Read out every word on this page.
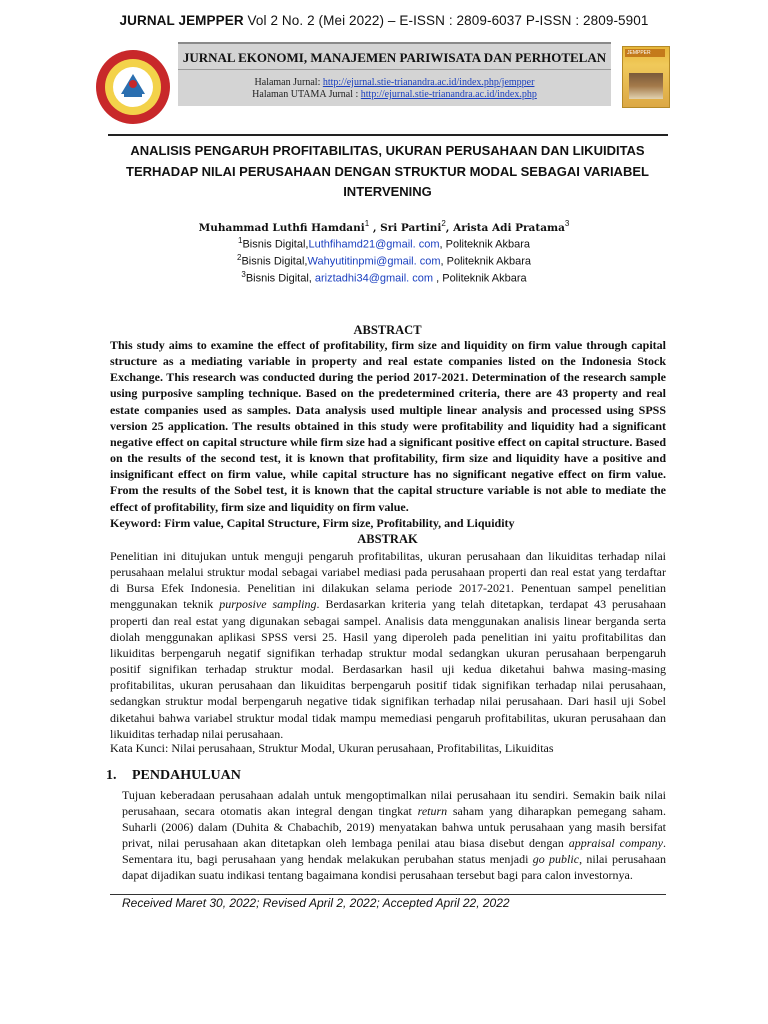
JURNAL JEMPPER Vol 2 No. 2 (Mei 2022) – E-ISSN : 2809-6037 P-ISSN : 2809-5901
JURNAL EKONOMI, MANAJEMEN PARIWISATA DAN PERHOTELAN
Halaman Jurnal: http://ejurnal.stie-trianandra.ac.id/index.php/jempper
Halaman UTAMA Jurnal : http://ejurnal.stie-trianandra.ac.id/index.php
JEMPPER
ANALISIS PENGARUH PROFITABILITAS, UKURAN PERUSAHAAN DAN LIKUIDITAS TERHADAP NILAI PERUSAHAAN DENGAN STRUKTUR MODAL SEBAGAI VARIABEL INTERVENING
Muhammad Luthfi Hamdani$^1$ , Sri Partini$^2$, Arista Adi Pratama$^3$
$^1$Bisnis Digital,Luthfihamd21@gmail. com, Politeknik Akbara
$^2$Bisnis Digital,Wahyutitinpmi@gmail. com, Politeknik Akbara
$^3$Bisnis Digital, ariztadhi34@gmail. com , Politeknik Akbara
ABSTRACT
This study aims to examine the effect of profitability, firm size and liquidity on firm value through capital structure as a mediating variable in property and real estate companies listed on the Indonesia Stock Exchange. This research was conducted during the period 2017-2021. Determination of the research sample using purposive sampling technique. Based on the predetermined criteria, there are 43 property and real estate companies used as samples. Data analysis used multiple linear analysis and processed using SPSS version 25 application. The results obtained in this study were profitability and liquidity had a significant negative effect on capital structure while firm size had a significant positive effect on capital structure. Based on the results of the second test, it is known that profitability, firm size and liquidity have a positive and insignificant effect on firm value, while capital structure has no significant negative effect on firm value. From the results of the Sobel test, it is known that the capital structure variable is not able to mediate the effect of profitability, firm size and liquidity on firm value.
Keyword: Firm value, Capital Structure, Firm size, Profitability, and Liquidity
ABSTRAK
Penelitian ini ditujukan untuk menguji pengaruh profitabilitas, ukuran perusahaan dan likuiditas terhadap nilai perusahaan melalui struktur modal sebagai variabel mediasi pada perusahaan properti dan real estat yang terdaftar di Bursa Efek Indonesia. Penelitian ini dilakukan selama periode 2017-2021. Penentuan sampel penelitian menggunakan teknik purposive sampling. Berdasarkan kriteria yang telah ditetapkan, terdapat 43 perusahaan properti dan real estat yang digunakan sebagai sampel. Analisis data menggunakan analisis linear berganda serta diolah menggunakan aplikasi SPSS versi 25. Hasil yang diperoleh pada penelitian ini yaitu profitabilitas dan likuiditas berpengaruh negatif signifikan terhadap struktur modal sedangkan ukuran perusahaan berpengaruh positif signifikan terhadap struktur modal. Berdasarkan hasil uji kedua diketahui bahwa masing-masing profitabilitas, ukuran perusahaan dan likuiditas berpengaruh positif tidak signifikan terhadap nilai perusahaan, sedangkan struktur modal berpengaruh negative tidak signifikan terhadap nilai perusahaan. Dari hasil uji Sobel diketahui bahwa variabel struktur modal tidak mampu memediasi pengaruh profitabilitas, ukuran perusahaan dan likuiditas terhadap nilai perusahaan.
Kata Kunci: Nilai perusahaan, Struktur Modal, Ukuran perusahaan, Profitabilitas, Likuiditas
1. PENDAHULUAN
Tujuan keberadaan perusahaan adalah untuk mengoptimalkan nilai perusahaan itu sendiri. Semakin baik nilai perusahaan, secara otomatis akan integral dengan tingkat return saham yang diharapkan pemegang saham. Suharli (2006) dalam (Duhita & Chabachib, 2019) menyatakan bahwa untuk perusahaan yang masih bersifat privat, nilai perusahaan akan ditetapkan oleh lembaga penilai atau biasa disebut dengan appraisal company. Sementara itu, bagi perusahaan yang hendak melakukan perubahan status menjadi go public, nilai perusahaan dapat dijadikan suatu indikasi tentang bagaimana kondisi perusahaan tersebut bagi para calon investornya.
Received Maret 30, 2022; Revised April 2, 2022; Accepted April 22, 2022
